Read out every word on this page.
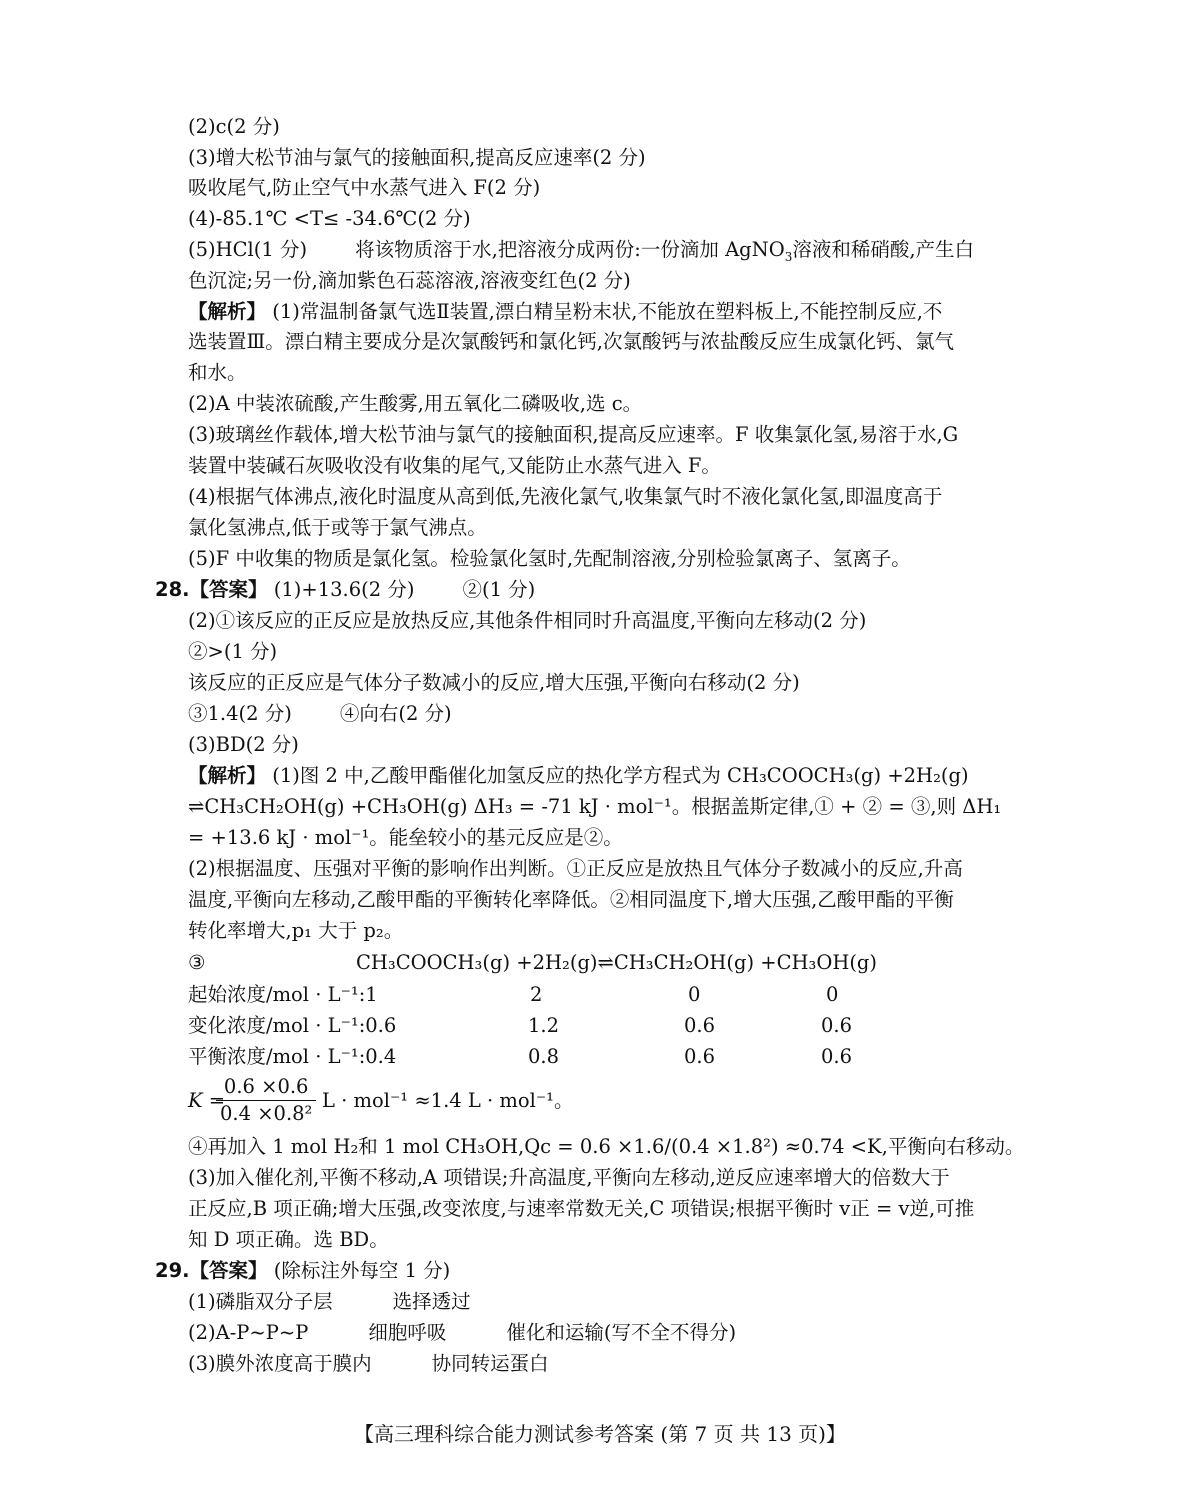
(2)c(2 分)
(3)增大松节油与氯气的接触面积,提高反应速率(2 分)
吸收尾气,防止空气中水蒸气进入 F(2 分)
(4)-85.1℃ <T≤ -34.6℃(2 分)
(5)HCl(1 分) 将该物质溶于水,把溶液分成两份:一份滴加 AgNO$_3$溶液和稀硝酸,产生白
色沉淀;另一份,滴加紫色石蕊溶液,溶液变红色(2 分)
【解析】 (1)常温制备氯气选Ⅱ装置,漂白精呈粉末状,不能放在塑料板上,不能控制反应,不
选装置Ⅲ。漂白精主要成分是次氯酸钙和氯化钙,次氯酸钙与浓盐酸反应生成氯化钙、氯气
和水。
(2)A 中装浓硫酸,产生酸雾,用五氧化二磷吸收,选 c。
(3)玻璃丝作载体,增大松节油与氯气的接触面积,提高反应速率。F 收集氯化氢,易溶于水,G
装置中装碱石灰吸收没有收集的尾气,又能防止水蒸气进入 F。
(4)根据气体沸点,液化时温度从高到低,先液化氯气,收集氯气时不液化氯化氢,即温度高于
氯化氢沸点,低于或等于氯气沸点。
(5)F 中收集的物质是氯化氢。检验氯化氢时,先配制溶液,分别检验氯离子、氢离子。
28.【答案】 (1)+13.6(2 分) ②(1 分)
(2)①该反应的正反应是放热反应,其他条件相同时升高温度,平衡向左移动(2 分)
②>(1 分)
该反应的正反应是气体分子数减小的反应,增大压强,平衡向右移动(2 分)
③1.4(2 分) ④向右(2 分)
(3)BD(2 分)
【解析】 (1)图 2 中,乙酸甲酯催化加氢反应的热化学方程式为 CH₃COOCH₃(g) +2H₂(g)
⇌CH₃CH₂OH(g) +CH₃OH(g) ΔH₃ = -71 kJ · mol⁻¹。根据盖斯定律,① + ② = ③,则 ΔH₁
= +13.6 kJ · mol⁻¹。能垒较小的基元反应是②。
(2)根据温度、压强对平衡的影响作出判断。①正反应是放热且气体分子数减小的反应,升高
温度,平衡向左移动,乙酸甲酯的平衡转化率降低。②相同温度下,增大压强,乙酸甲酯的平衡
转化率增大,p₁ 大于 p₂。
③	CH₃COOCH₃(g) +2H₂(g)⇌CH₃CH₂OH(g) +CH₃OH(g)
起始浓度/mol · L⁻¹:1	2	0	0
变化浓度/mol · L⁻¹:0.6	1.2	0.6	0.6
平衡浓度/mol · L⁻¹:0.4	0.8	0.6	0.6
K =
$\frac{0.6 \times 0.6}{\text{0.4 ×0.8²}}$ L · mol⁻¹ ≈1.4 L · mol⁻¹。
④再加入 1 mol H₂和 1 mol CH₃OH,Qc = 0.6 ×1.6/(0.4 ×1.8²) ≈0.74 <K,平衡向右移动。
(3)加入催化剂,平衡不移动,A 项错误;升高温度,平衡向左移动,逆反应速率增大的倍数大于
正反应,B 项正确;增大压强,改变浓度,与速率常数无关,C 项错误;根据平衡时 v正 = v逆,可推
知 D 项正确。选 BD。
29.【答案】 (除标注外每空 1 分)
(1)磷脂双分子层	选择透过
(2)A-P~P~P	细胞呼吸	催化和运输(写不全不得分)
(3)膜外浓度高于膜内	协同转运蛋白
【高三理科综合能力测试参考答案 (第 7 页 共 13 页)】
